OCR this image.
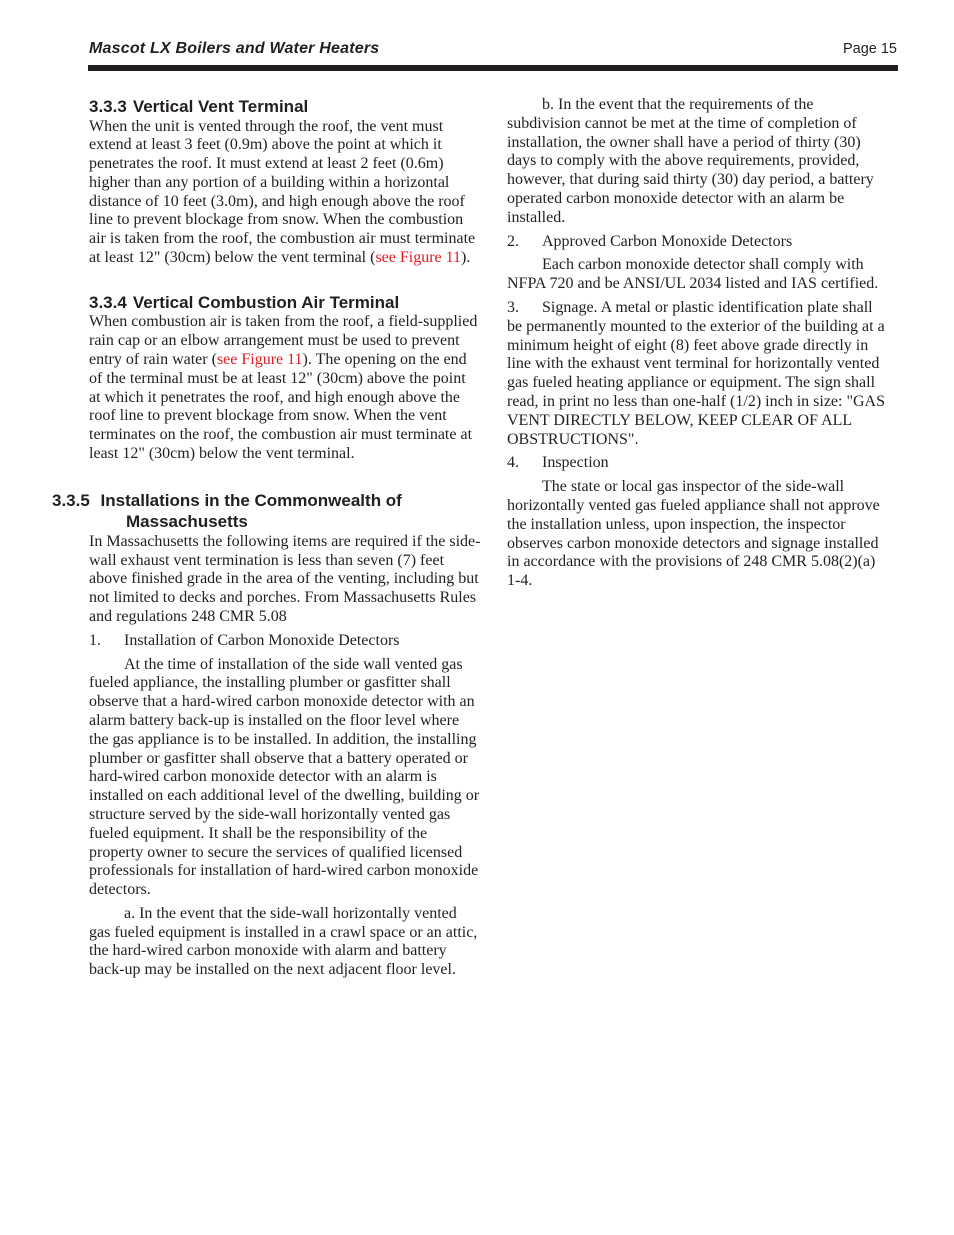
Mascot LX Boilers and Water Heaters	Page 15
3.3.3 Vertical Vent Terminal

When the unit is vented through the roof, the vent must extend at least 3 feet (0.9m) above the point at which it penetrates the roof. It must extend at least 2 feet (0.6m) higher than any portion of a building within a horizontal distance of 10 feet (3.0m), and high enough above the roof line to prevent blockage from snow. When the combustion air is taken from the roof, the combustion air must terminate at least 12" (30cm) below the vent terminal (see Figure 11).

3.3.4 Vertical Combustion Air Terminal

When combustion air is taken from the roof, a field-supplied rain cap or an elbow arrangement must be used to prevent entry of rain water (see Figure 11). The opening on the end of the terminal must be at least 12" (30cm) above the point at which it penetrates the roof, and high enough above the roof line to prevent blockage from snow. When the vent terminates on the roof, the combustion air must terminate at least 12" (30cm) below the vent terminal.

3.3.5 Installations in the Commonwealth of Massachusetts

In Massachusetts the following items are required if the side-wall exhaust vent termination is less than seven (7) feet above finished grade in the area of the venting, including but not limited to decks and porches. From Massachusetts Rules and regulations 248 CMR 5.08

1.	Installation of Carbon Monoxide Detectors

At the time of installation of the side wall vented gas fueled appliance, the installing plumber or gasfitter shall observe that a hard-wired carbon monoxide detector with an alarm battery back-up is installed on the floor level where the gas appliance is to be installed. In addition, the installing plumber or gasfitter shall observe that a battery operated or hard-wired carbon monoxide detector with an alarm is installed on each additional level of the dwelling, building or structure served by the side-wall horizontally vented gas fueled equipment. It shall be the responsibility of the property owner to secure the services of qualified licensed professionals for installation of hard-wired carbon monoxide detectors.

a. In the event that the side-wall horizontally vented gas fueled equipment is installed in a crawl space or an attic, the hard-wired carbon monoxide with alarm and battery back-up may be installed on the next adjacent floor level.

b. In the event that the requirements of the subdivision cannot be met at the time of completion of installation, the owner shall have a period of thirty (30) days to comply with the above requirements, provided, however, that during said thirty (30) day period, a battery operated carbon monoxide detector with an alarm be installed.

2.	Approved Carbon Monoxide Detectors

Each carbon monoxide detector shall comply with NFPA 720 and be ANSI/UL 2034 listed and IAS certified.

3. Signage. A metal or plastic identification plate shall be permanently mounted to the exterior of the building at a minimum height of eight (8) feet above grade directly in line with the exhaust vent terminal for horizontally vented gas fueled heating appliance or equipment. The sign shall read, in print no less than one-half (1/2) inch in size: "GAS VENT DIRECTLY BELOW, KEEP CLEAR OF ALL OBSTRUCTIONS".

4.	Inspection

The state or local gas inspector of the side-wall horizontally vented gas fueled appliance shall not approve the installation unless, upon inspection, the inspector observes carbon monoxide detectors and signage installed in accordance with the provisions of 248 CMR 5.08(2)(a) 1-4.
